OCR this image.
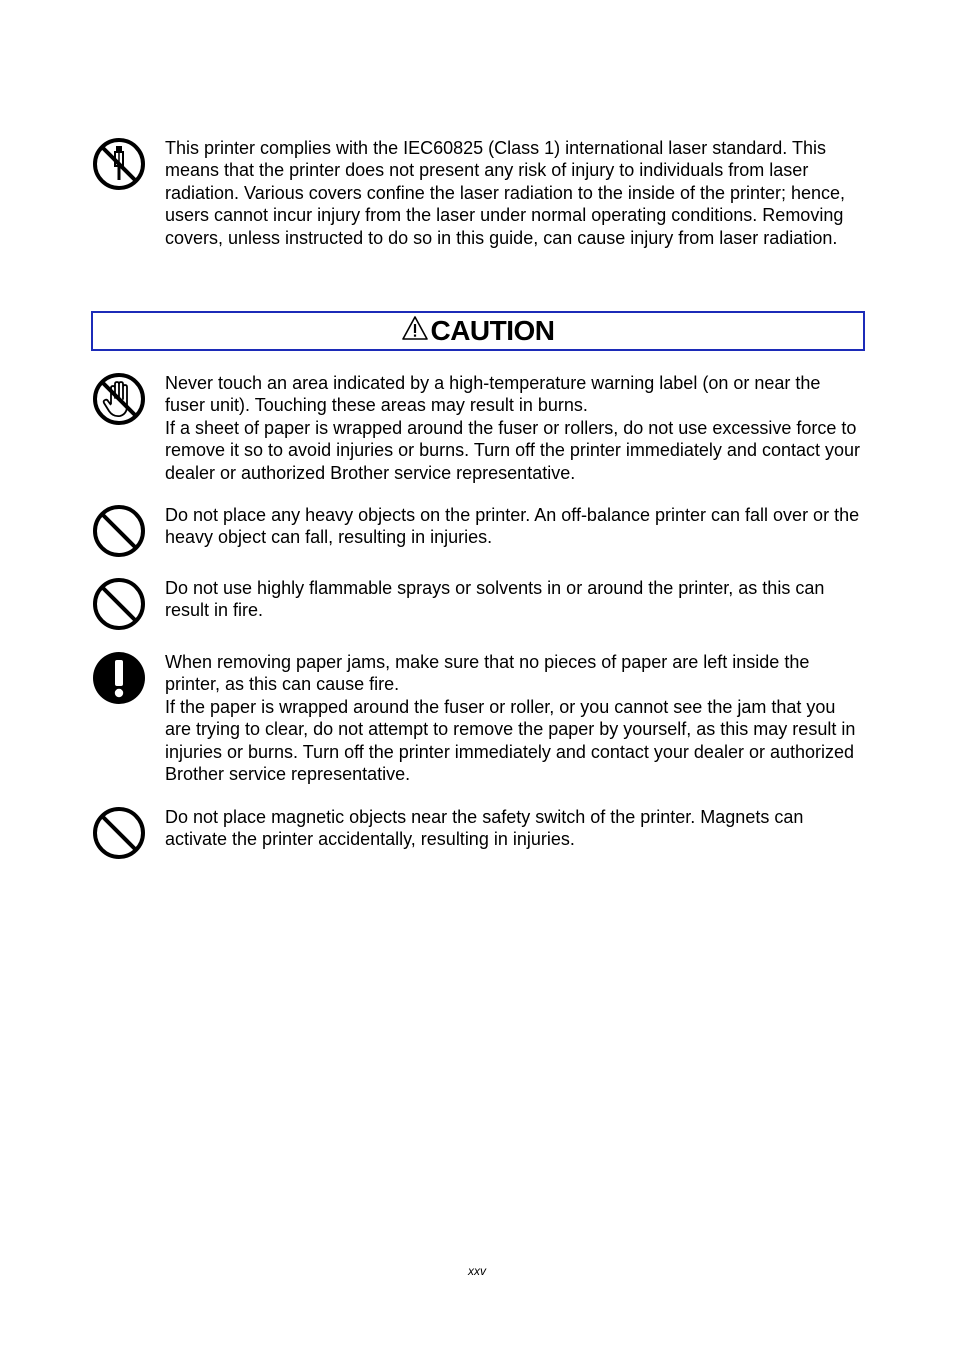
This printer complies with the IEC60825 (Class 1) international laser standard. This means that the printer does not present any risk of injury to individuals from laser radiation. Various covers confine the laser radiation to the inside of the printer; hence, users cannot incur injury from the laser under normal operating conditions. Removing covers, unless instructed to do so in this guide, can cause injury from laser radiation.

CAUTION

Never touch an area indicated by a high-temperature warning label (on or near the fuser unit). Touching these areas may result in burns.

If a sheet of paper is wrapped around the fuser or rollers, do not use excessive force to remove it so to avoid injuries or burns. Turn off the printer immediately and contact your dealer or authorized Brother service representative.

Do not place any heavy objects on the printer. An off-balance printer can fall over or the heavy object can fall, resulting in injuries.

Do not use highly flammable sprays or solvents in or around the printer, as this can result in fire.

When removing paper jams, make sure that no pieces of paper are left inside the printer, as this can cause fire.

If the paper is wrapped around the fuser or roller, or you cannot see the jam that you are trying to clear, do not attempt to remove the paper by yourself, as this may result in injuries or burns. Turn off the printer immediately and contact your dealer or authorized Brother service representative.

Do not place magnetic objects near the safety switch of the printer. Magnets can activate the printer accidentally, resulting in injuries.

xxv
